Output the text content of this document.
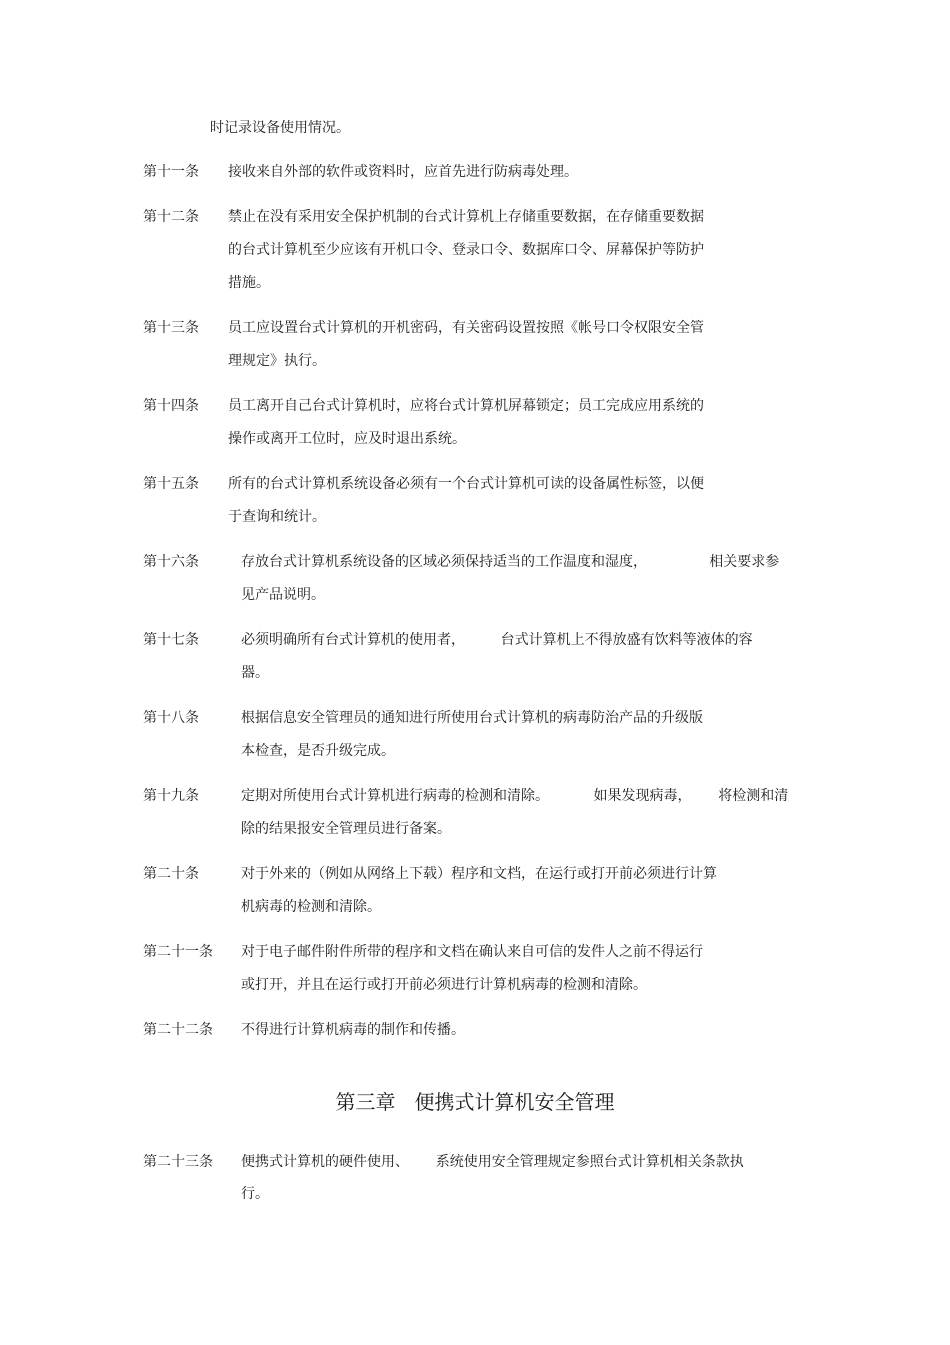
时记录设备使用情况。
第十一条 接收来自外部的软件或资料时，应首先进行防病毒处理。
第十二条 禁止在没有采用安全保护机制的台式计算机上存储重要数据，在存储重要数据
的台式计算机至少应该有开机口令、登录口令、数据库口令、屏幕保护等防护
措施。
第十三条 员工应设置台式计算机的开机密码，有关密码设置按照《帐号口令权限安全管
理规定》执行。
第十四条 员工离开自己台式计算机时，应将台式计算机屏幕锁定；员工完成应用系统的
操作或离开工位时，应及时退出系统。
第十五条 所有的台式计算机系统设备必须有一个台式计算机可读的设备属性标签，以便
于查询和统计。
第十六条	存放台式计算机系统设备的区域必须保持适当的工作温度和湿度，              相关要求参
见产品说明。
第十七条	必须明确所有台式计算机的使用者，        台式计算机上不得放盛有饮料等液体的容
器。
第十八条	根据信息安全管理员的通知进行所使用台式计算机的病毒防治产品的升级版
本检查，是否升级完成。
第十九条	定期对所使用台式计算机进行病毒的检测和清除。          如果发现病毒，      将检测和清
除的结果报安全管理员进行备案。
第二十条	对于外来的（例如从网络上下载）程序和文档，在运行或打开前必须进行计算
机病毒的检测和清除。
第二十一条 对于电子邮件附件所带的程序和文档在确认来自可信的发件人之前不得运行
或打开，并且在运行或打开前必须进行计算机病毒的检测和清除。
第二十二条 不得进行计算机病毒的制作和传播。
第三章   便携式计算机安全管理
第二十三条 便携式计算机的硬件使用、      系统使用安全管理规定参照台式计算机相关条款执
行。
